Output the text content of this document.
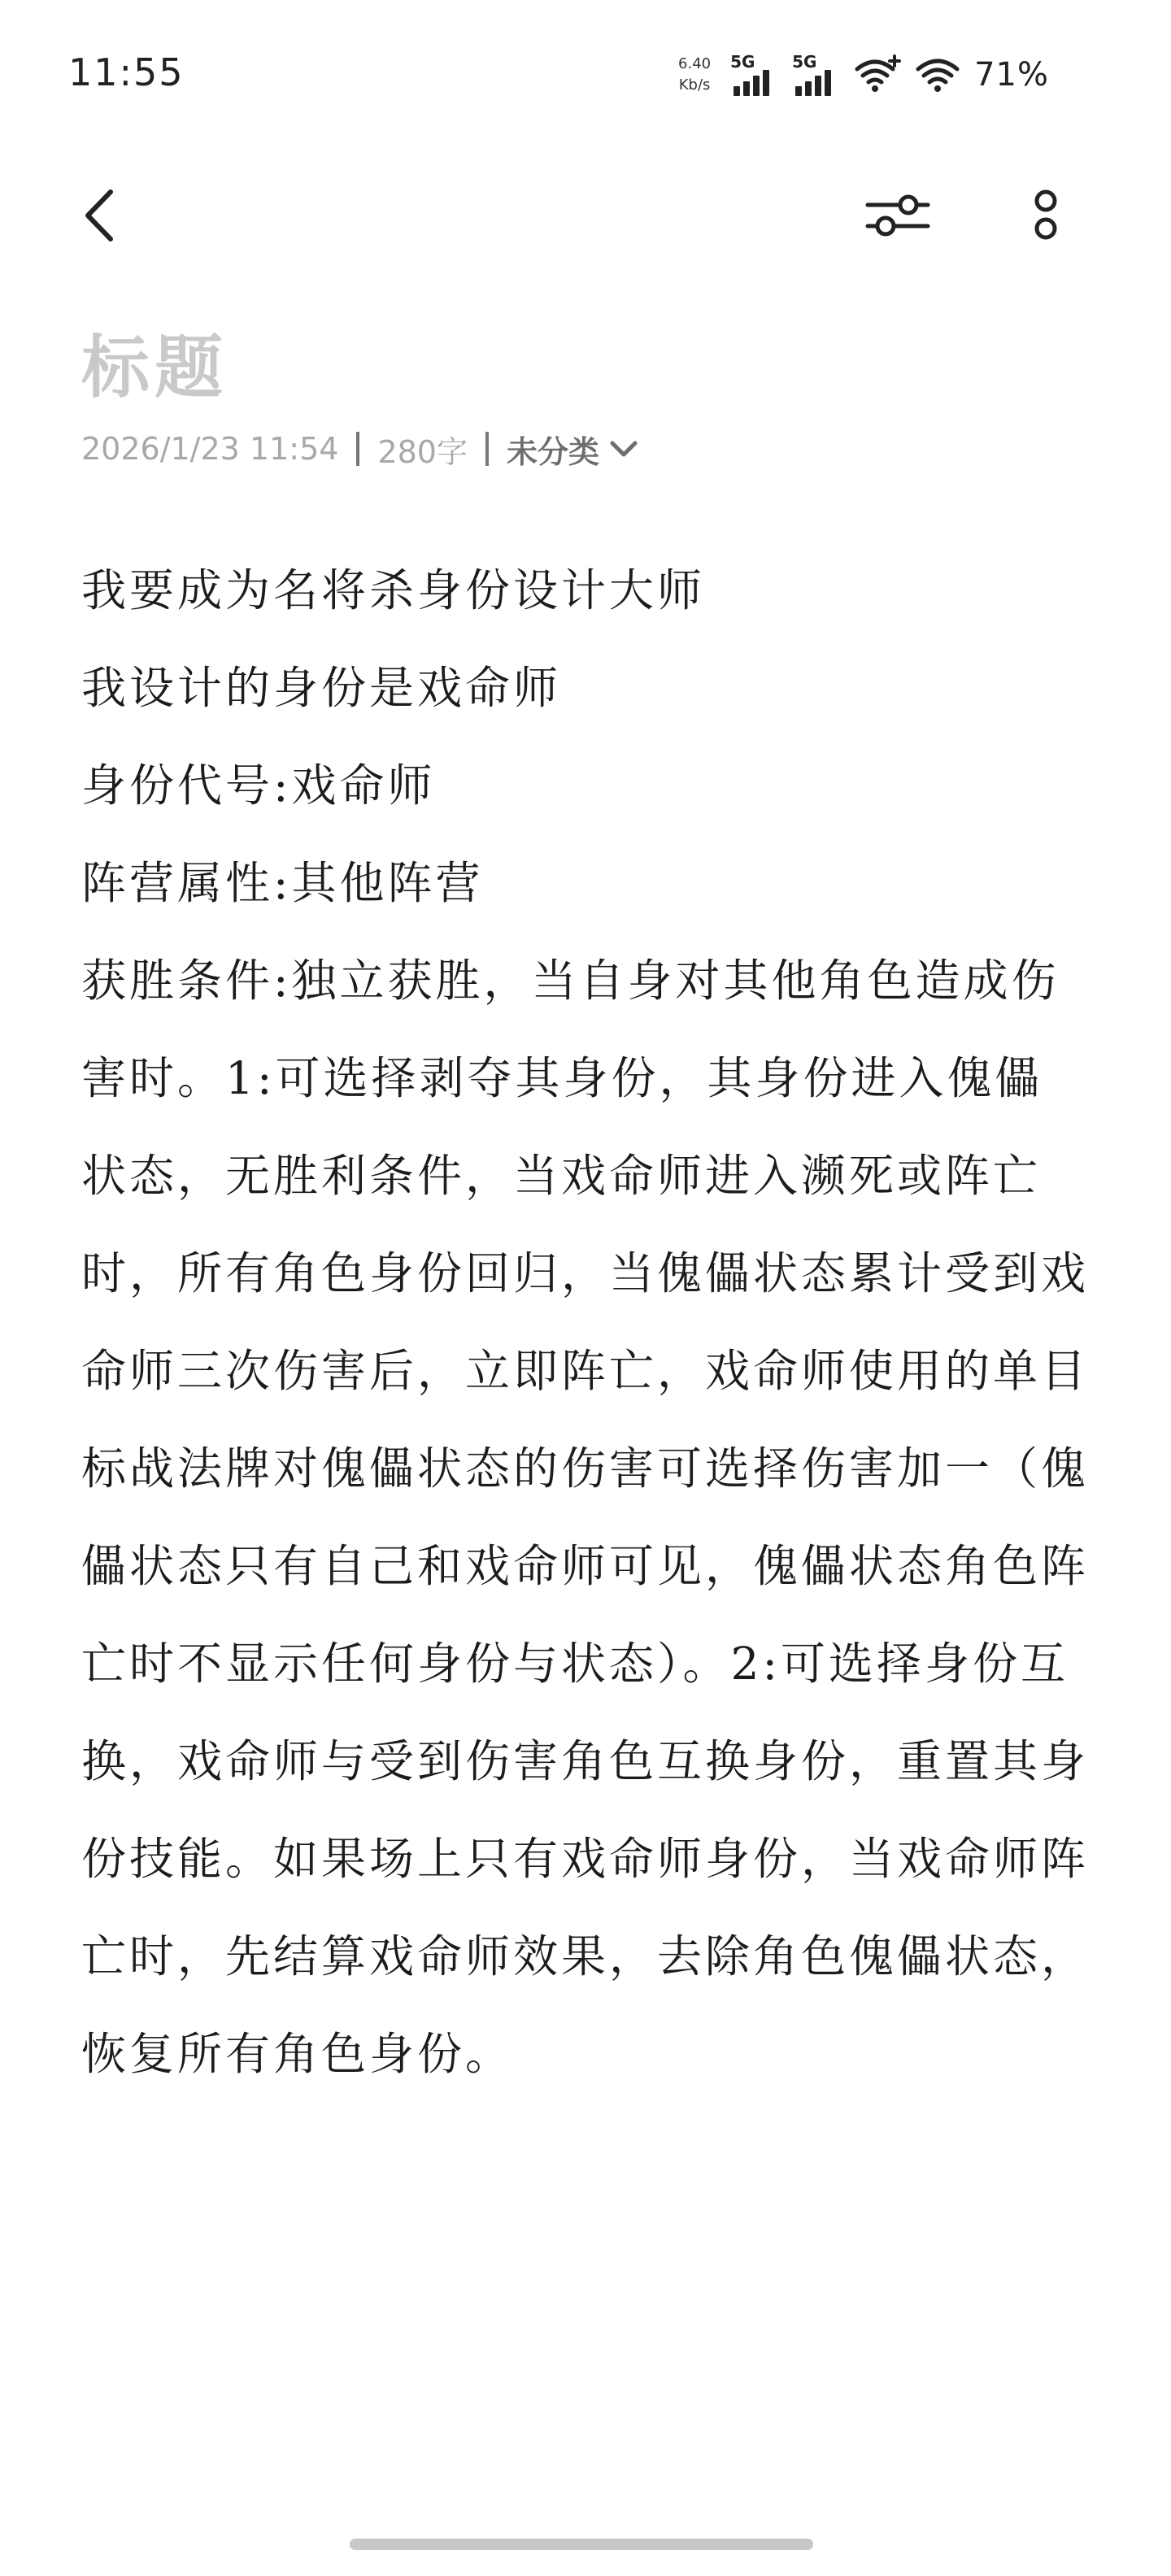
11:55	6.40
Kb/s
5G 5G	71%
标题
2026/1/23 11:54 280字 未分类

我要成为名将杀身份设计大师

我设计的身份是戏命师

身份代号:戏命师

阵营属性:其他阵营

获胜条件:独立获胜，当自身对其他角色造成伤害时。1:可选择剥夺其身份，其身份进入傀儡状态，无胜利条件，当戏命师进入濒死或阵亡时，所有角色身份回归，当傀儡状态累计受到戏命师三次伤害后，立即阵亡，戏命师使用的单目标战法牌对傀儡状态的伤害可选择伤害加一（傀儡状态只有自己和戏命师可见，傀儡状态角色阵亡时不显示任何身份与状态）。2:可选择身份互换，戏命师与受到伤害角色互换身份，重置其身份技能。如果场上只有戏命师身份，当戏命师阵亡时，先结算戏命师效果，去除角色傀儡状态，恢复所有角色身份。
